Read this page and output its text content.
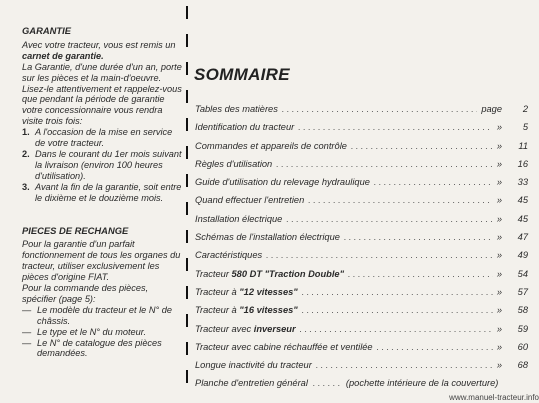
GARANTIE

Avec votre tracteur, vous est remis un carnet de garantie.

La Garantie, d'une durée d'un an, porte sur les pièces et la main-d'oeuvre.

Lisez-le attentivement et rappelez-vous que pendant la période de garantie votre concessionnaire vous rendra visite trois fois:

1. A l'occasion de la mise en service de votre tracteur.
2. Dans le courant du 1er mois suivant la livraison (environ 100 heures d'utilisation).
3. Avant la fin de la garantie, soit entre le dixième et le douzième mois.
PIECES DE RECHANGE

Pour la garantie d'un parfait fonctionnement de tous les organes du tracteur, utiliser exclusivement les pièces d'origine FIAT.

Pour la commande des pièces, spécifier (page 5):

— Le modèle du tracteur et le N° de châssis.
— Le type et le N° du moteur.
— Le N° de catalogue des pièces demandées.
SOMMAIRE
Tables des matières .....	page	2
Identification du tracteur .....	»	5
Commandes et appareils de contrôle .....	»	11
Règles d'utilisation .....	»	16
Guide d'utilisation du relevage hydraulique .....	»	33
Quand effectuer l'entretien .....	»	45
Installation électrique .....	»	45
Schémas de l'installation électrique .....	»	47
Caractéristiques .....	»	49
Tracteur 580 DT "Traction Double" .....	»	54
Tracteur à "12 vitesses" .....	»	57
Tracteur à "16 vitesses" .....	»	58
Tracteur avec inverseur .....	»	59
Tracteur avec cabine réchauffée et ventilée .....	»	60
Longue inactivité du tracteur .....	»	68
Planche d'entretien général .....	(pochette intérieure de la couverture)
www.manuel-tracteur.info
